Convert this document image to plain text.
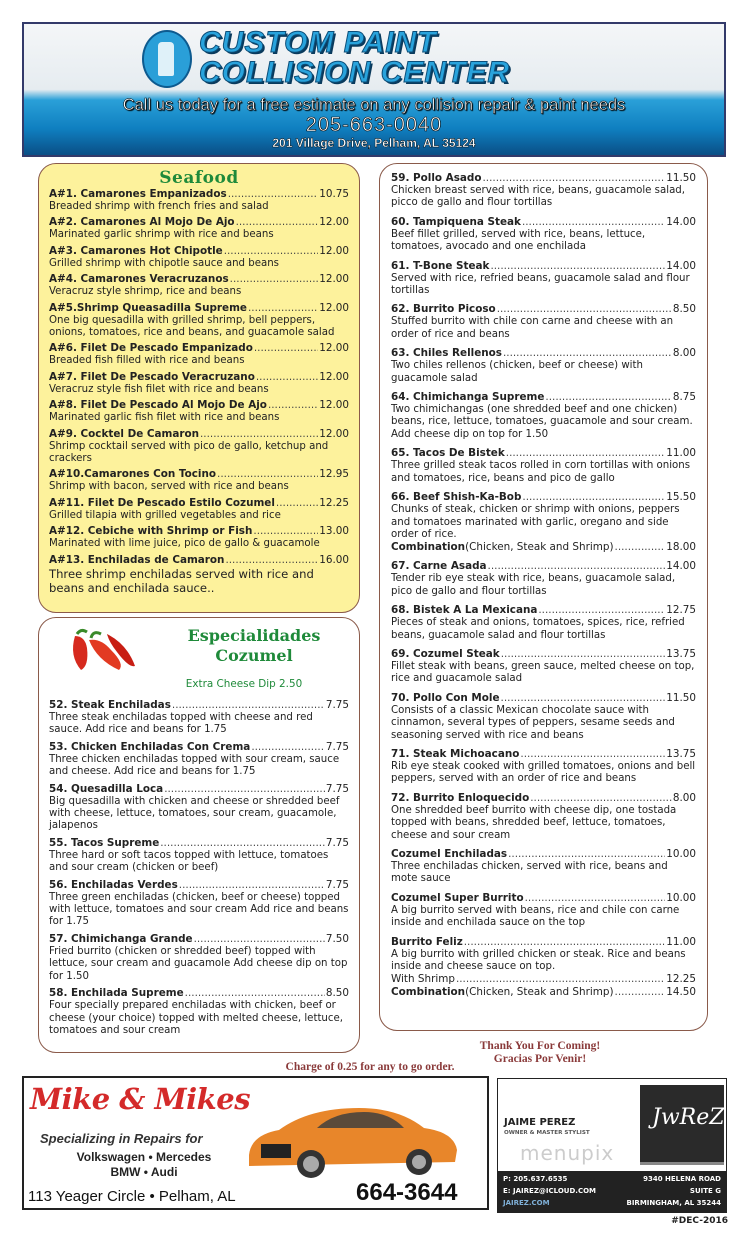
CUSTOM PAINT
COLLISION CENTER
Call us today for a free estimate on any collision repair & paint needs
205-663-0040
201 Village Drive, Pelham, AL 35124
Seafood
A#1. Camarones Empanizados .....	10.75
Breaded shrimp with french fries and salad
A#2. Camarones Al Mojo De Ajo .....	12.00
Marinated garlic shrimp with rice and beans
A#3. Camarones Hot Chipotle .....	12.00
Grilled shrimp with chipotle sauce and beans
A#4. Camarones Veracruzanos .....	12.00
Veracruz style shrimp, rice and beans
A#5.Shrimp Queasadilla Supreme .....	12.00
One big quesadilla with grilled shrimp, bell peppers, onions, tomatoes, rice and beans, and guacamole salad
A#6. Filet De Pescado Empanizado .....	12.00
Breaded fish filled with rice and beans
A#7. Filet De Pescado Veracruzano .....	12.00
Veracruz style fish filet with rice and beans
A#8. Filet De Pescado Al Mojo De Ajo .....	12.00
Marinated garlic fish filet with rice and beans
A#9. Cocktel De Camaron .....	12.00
Shrimp cocktail served with pico de gallo, ketchup and crackers
A#10.Camarones Con Tocino .....	12.95
Shrimp with bacon, served with rice and beans
A#11. Filet De Pescado Estilo Cozumel .....	12.25
Grilled tilapia with grilled vegetables and rice
A#12. Cebiche with Shrimp or Fish .....	13.00
Marinated with lime juice, pico de gallo & guacamole
A#13. Enchiladas de Camaron .....	16.00
Three shrimp enchiladas served with rice and beans and enchilada sauce..
Especialidades
Cozumel
Extra Cheese Dip 2.50
52. Steak Enchiladas .....	7.75
Three steak enchiladas topped with cheese and red sauce. Add rice and beans for 1.75
53. Chicken Enchiladas Con Crema .....	7.75
Three chicken enchiladas topped with sour cream, sauce and cheese. Add rice and beans for 1.75
54. Quesadilla Loca .....	7.75
Big quesadilla with chicken and cheese or shredded beef with cheese, lettuce, tomatoes, sour cream, guacamole, jalapenos
55. Tacos Supreme .....	7.75
Three hard or soft tacos topped with lettuce, tomatoes and sour cream (chicken or beef)
56. Enchiladas Verdes .....	7.75
Three green enchiladas (chicken, beef or cheese) topped with lettuce, tomatoes and sour cream Add rice and beans for 1.75
57. Chimichanga Grande .....	7.50
Fried burrito (chicken or shredded beef) topped with lettuce, sour cream and guacamole Add cheese dip on top for 1.50
58. Enchilada Supreme .....	8.50
Four specially prepared enchiladas with chicken, beef or cheese (your choice) topped with melted cheese, lettuce, tomatoes and sour cream
59. Pollo Asado .....	11.50
Chicken breast served with rice, beans, guacamole salad, picco de gallo and flour tortillas
60. Tampiquena Steak .....	14.00
Beef fillet grilled, served with rice, beans, lettuce, tomatoes, avocado and one enchilada
61. T-Bone Steak .....	14.00
Served with rice, refried beans, guacamole salad and flour tortillas
62. Burrito Picoso .....	8.50
Stuffed burrito with chile con carne and cheese with an order of rice and beans
63. Chiles Rellenos .....	8.00
Two chiles rellenos (chicken, beef or cheese) with guacamole salad
64. Chimichanga Supreme .....	8.75
Two chimichangas (one shredded beef and one chicken) beans, rice, lettuce, tomatoes, guacamole and sour cream. Add cheese dip on top for 1.50
65. Tacos De Bistek .....	11.00
Three grilled steak tacos rolled in corn tortillas with onions and tomatoes, rice, beans and pico de gallo
66. Beef Shish-Ka-Bob .....	15.50
Chunks of steak, chicken or shrimp with onions, peppers and tomatoes marinated with garlic, oregano and side order of rice.
Combination (Chicken, Steak and Shrimp) .....	18.00
67. Carne Asada .....	14.00
Tender rib eye steak with rice, beans, guacamole salad, pico de gallo and flour tortillas
68. Bistek A La Mexicana .....	12.75
Pieces of steak and onions, tomatoes, spices, rice, refried beans, guacamole salad and flour tortillas
69. Cozumel Steak .....	13.75
Fillet steak with beans, green sauce, melted cheese on top, rice and guacamole salad
70. Pollo Con Mole .....	11.50
Consists of a classic Mexican chocolate sauce with cinnamon, several types of peppers, sesame seeds and seasoning served with rice and beans
71. Steak Michoacano .....	13.75
Rib eye steak cooked with grilled tomatoes, onions and bell peppers, served with an order of rice and beans
72. Burrito Enloquecido .....	8.00
One shredded beef burrito with cheese dip, one tostada topped with beans, shredded beef, lettuce, tomatoes, cheese and sour cream
Cozumel Enchiladas .....	10.00
Three enchiladas chicken, served with rice, beans and mote sauce
Cozumel Super Burrito .....	10.00
A big burrito served with beans, rice and chile con carne inside and enchilada sauce on the top
Burrito Feliz .....	11.00
A big burrito with grilled chicken or steak. Rice and beans inside and cheese sauce on top.
With Shrimp .....	12.25
Combination (Chicken, Steak and Shrimp) .....	14.50
Thank You For Coming!
Gracias Por Venir!
Charge of 0.25 for any to go order.
Mike & Mikes
Specializing in Repairs for
Volkswagen • Mercedes
BMW • Audi
113 Yeager Circle • Pelham, AL	664-3644
JwReZ
JAIME PEREZ
OWNER & MASTER STYLIST
menupix
P: 205.637.6535
E: JAIREZ@ICLOUD.COM
JAIREZ.COM
9340 HELENA ROAD
SUITE G
BIRMINGHAM, AL 35244
#DEC-2016
